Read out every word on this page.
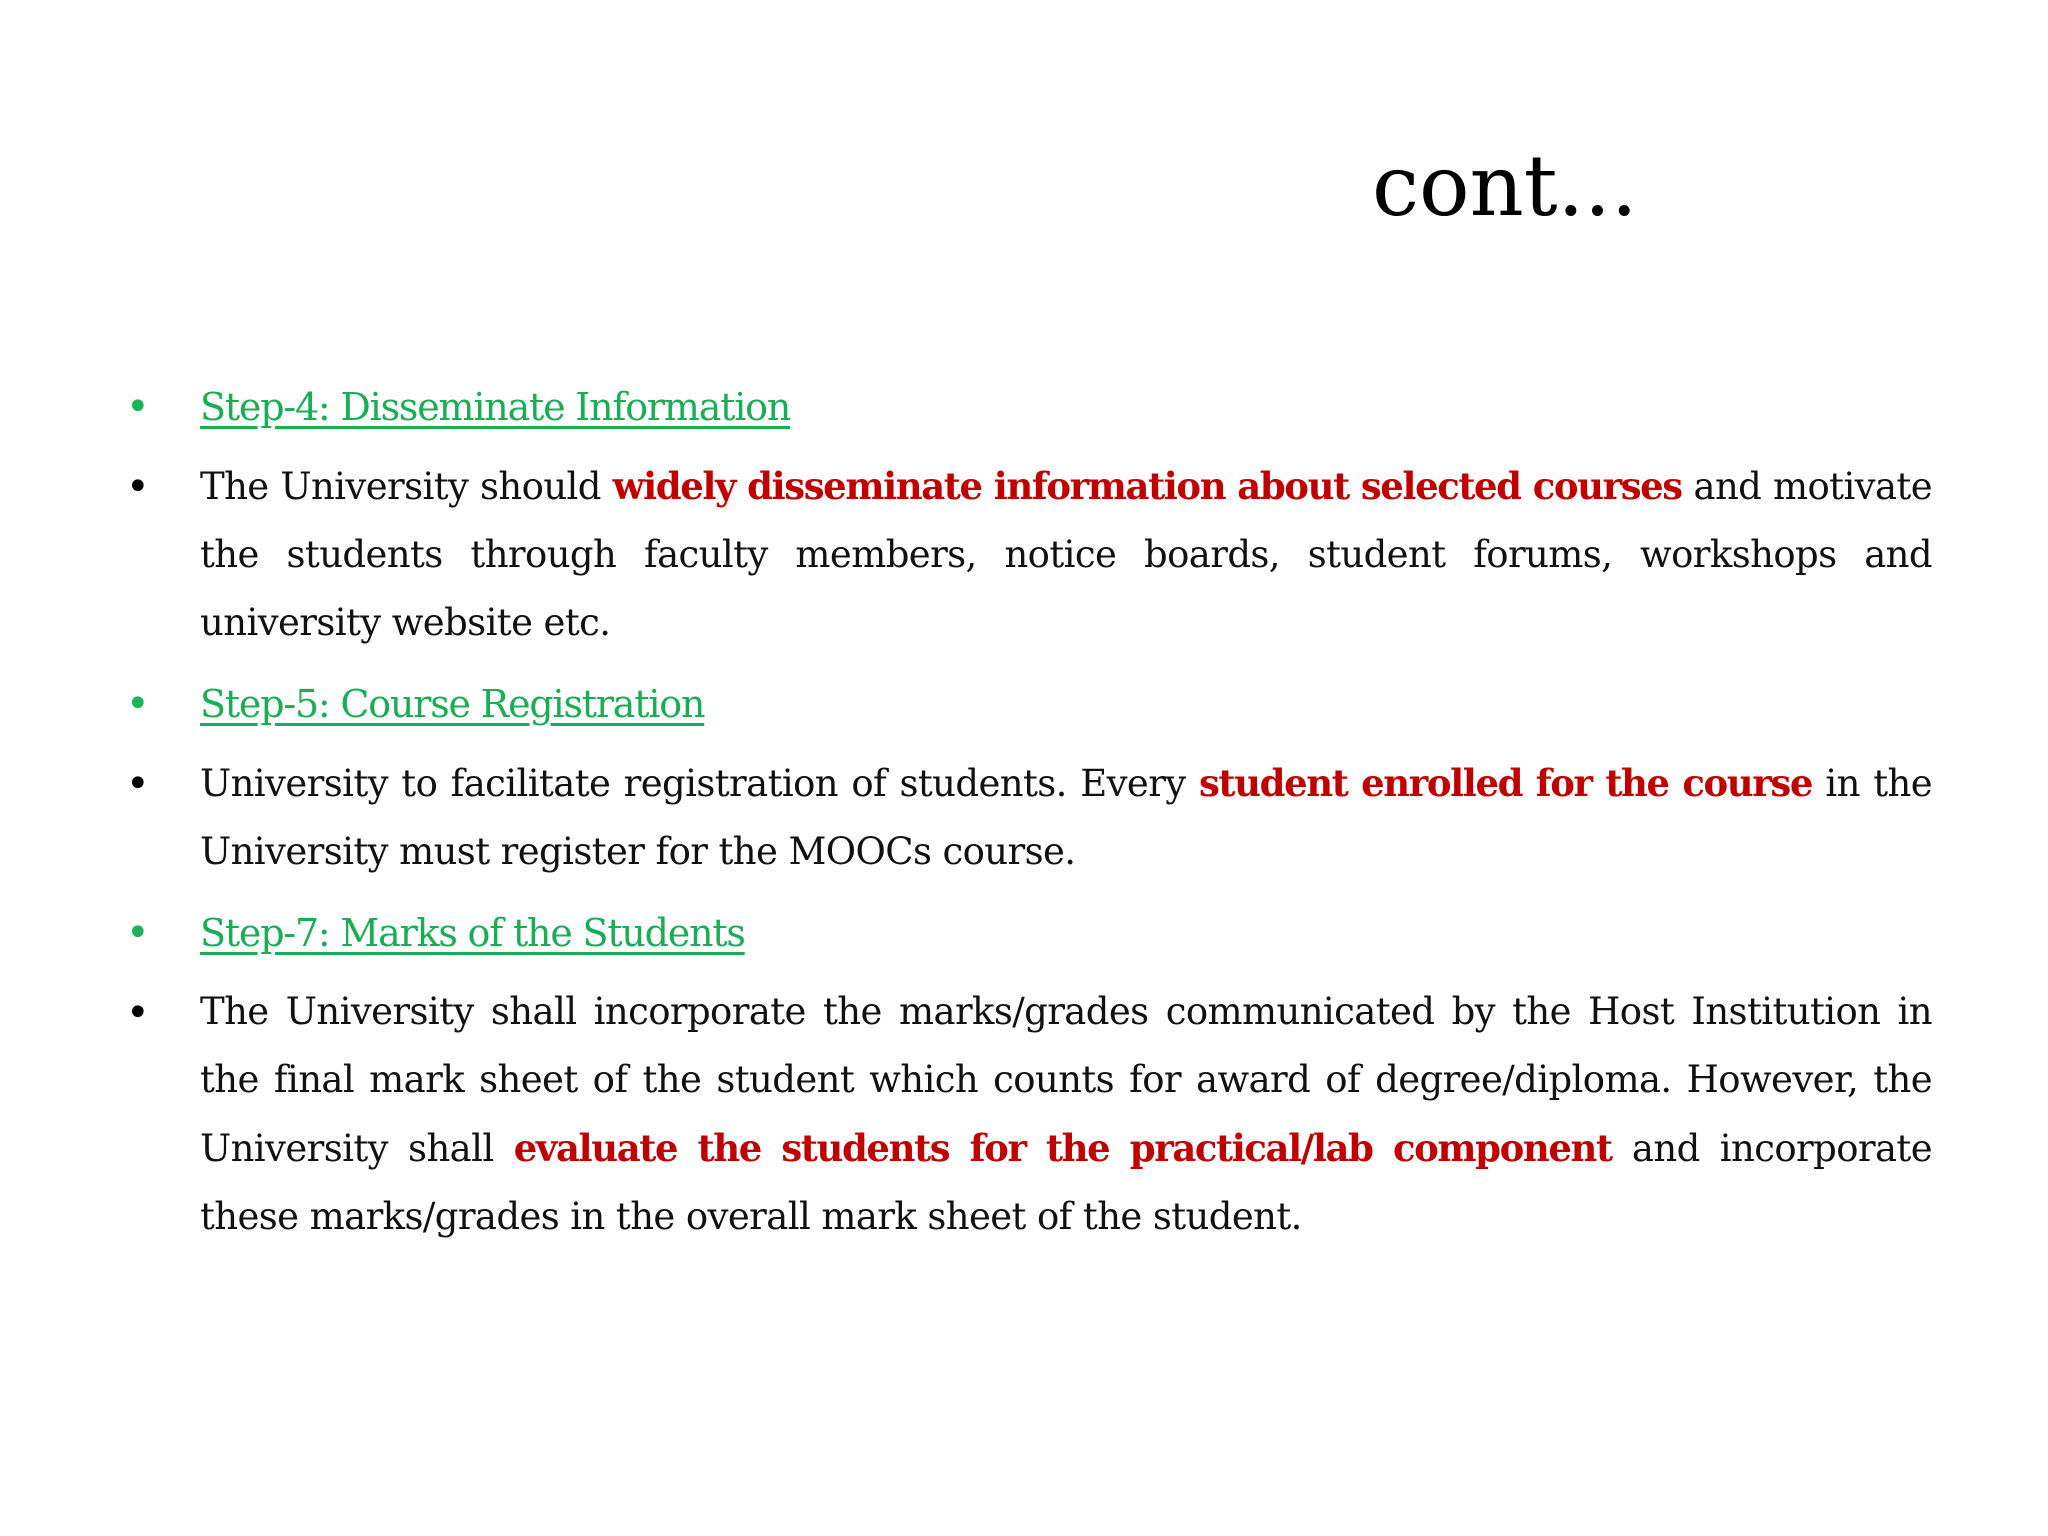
cont...
• Step-4: Disseminate Information
• The University should widely disseminate information about selected courses and motivate the students through faculty members, notice boards, student forums, workshops and university website etc.

• Step-5: Course Registration
• University to facilitate registration of students. Every student enrolled for the course in the University must register for the MOOCs course.

• Step-7: Marks of the Students
• The University shall incorporate the marks/grades communicated by the Host Institution in the final mark sheet of the student which counts for award of degree/diploma. However, the University shall evaluate the students for the practical/lab component and incorporate these marks/grades in the overall mark sheet of the student.
